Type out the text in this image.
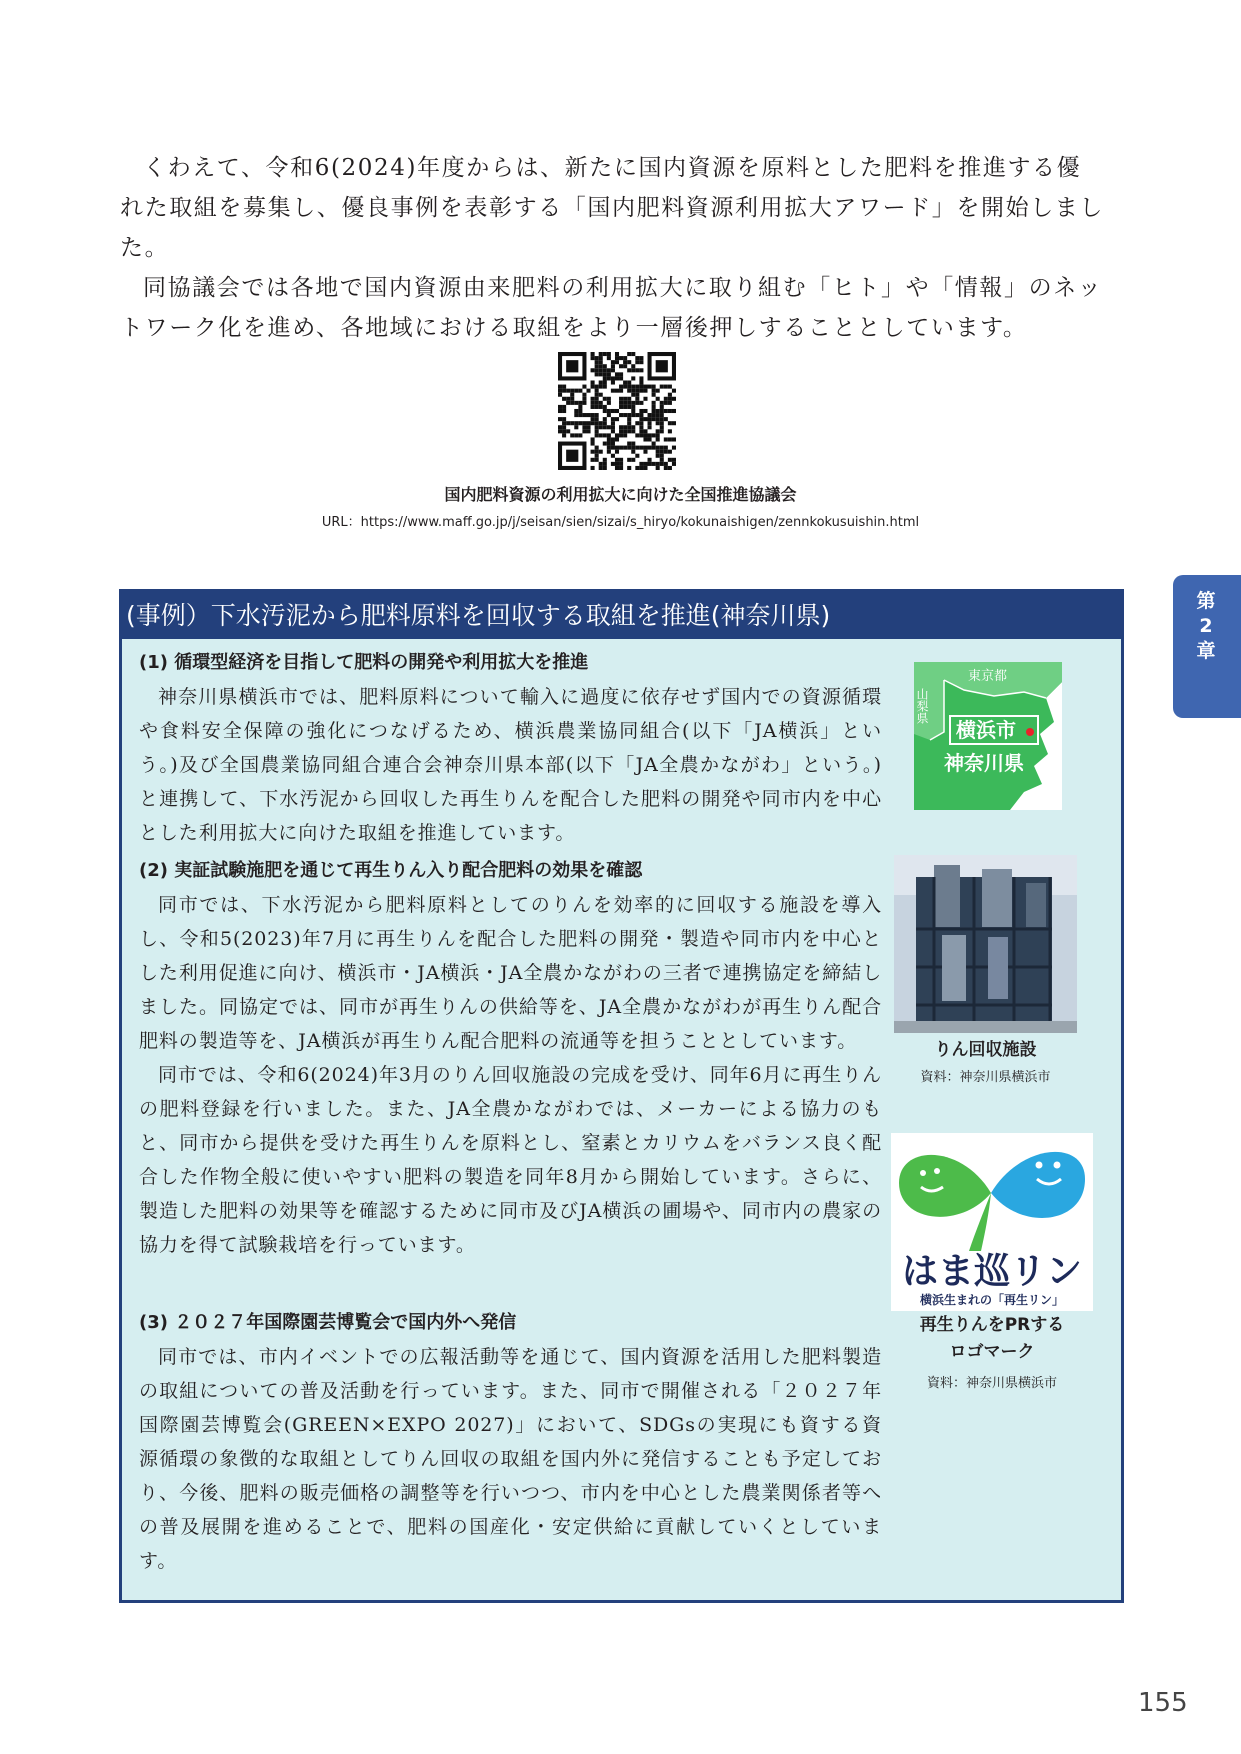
くわえて、令和6(2024)年度からは、新たに国内資源を原料とした肥料を推進する優れた取組を募集し、優良事例を表彰する「国内肥料資源利用拡大アワード」を開始しました。

同協議会では各地で国内資源由来肥料の利用拡大に取り組む「ヒト」や「情報」のネットワーク化を進め、各地域における取組をより一層後押しすることとしています。

国内肥料資源の利用拡大に向けた全国推進協議会
URL：https://www.maff.go.jp/j/seisan/sien/sizai/s_hiryo/kokunaishigen/zennkokusuishin.html
(事例）下水汚泥から肥料原料を回収する取組を推進(神奈川県)
(1) 循環型経済を目指して肥料の開発や利用拡大を推進

神奈川県横浜市では、肥料原料について輸入に過度に依存せず国内での資源循環や食料安全保障の強化につなげるため、横浜農業協同組合(以下「JA横浜」という。)及び全国農業協同組合連合会神奈川県本部(以下「JA全農かながわ」という。)と連携して、下水汚泥から回収した再生りんを配合した肥料の開発や同市内を中心とした利用拡大に向けた取組を推進しています。

(2) 実証試験施肥を通じて再生りん入り配合肥料の効果を確認

同市では、下水汚泥から肥料原料としてのりんを効率的に回収する施設を導入し、令和5(2023)年7月に再生りんを配合した肥料の開発・製造や同市内を中心とした利用促進に向け、横浜市・JA横浜・JA全農かながわの三者で連携協定を締結しました。同協定では、同市が再生りんの供給等を、JA全農かながわが再生りん配合肥料の製造等を、JA横浜が再生りん配合肥料の流通等を担うこととしています。

同市では、令和6(2024)年3月のりん回収施設の完成を受け、同年6月に再生りんの肥料登録を行いました。また、JA全農かながわでは、メーカーによる協力のもと、同市から提供を受けた再生りんを原料とし、窒素とカリウムをバランス良く配合した作物全般に使いやすい肥料の製造を同年8月から開始しています。さらに、製造した肥料の効果等を確認するために同市及びJA横浜の圃場や、同市内の農家の協力を得て試験栽培を行っています。

(3) ２０２７年国際園芸博覧会で国内外へ発信

同市では、市内イベントでの広報活動等を通じて、国内資源を活用した肥料製造の取組についての普及活動を行っています。また、同市で開催される「２０２７年国際園芸博覧会(GREEN×EXPO 2027)」において、SDGsの実現にも資する資源循環の象徴的な取組としてりん回収の取組を国内外に発信することも予定しており、今後、肥料の販売価格の調整等を行いつつ、市内を中心とした農業関係者等への普及展開を進めることで、肥料の国産化・安定供給に貢献していくとしています。

東京都
山梨県
横浜市
神奈川県
りん回収施設
資料：神奈川県横浜市
はま巡リン
横浜生まれの「再生リン」
再生りんをPRする
ロゴマーク
資料：神奈川県横浜市
第
2
章
155
